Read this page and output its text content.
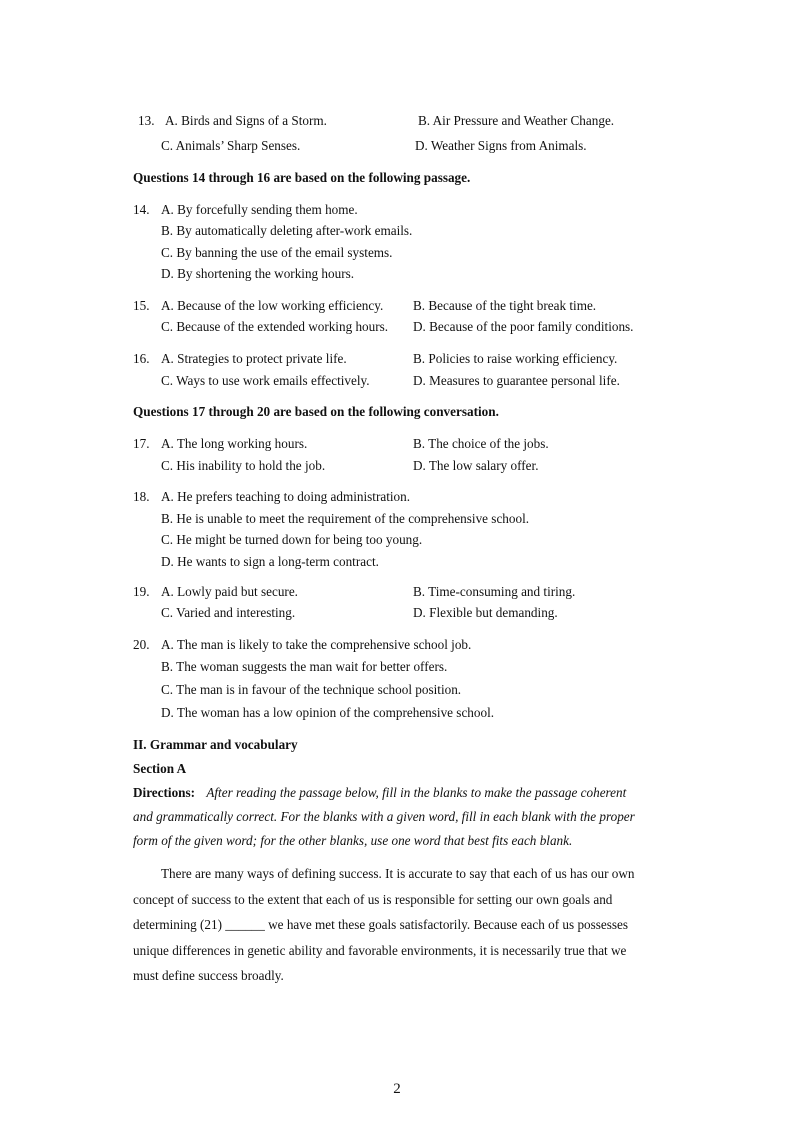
13. A. Birds and Signs of a Storm.	B. Air Pressure and Weather Change.
C. Animals’ Sharp Senses.	D. Weather Signs from Animals.
Questions 14 through 16 are based on the following passage.
14. A. By forcefully sending them home.
B. By automatically deleting after-work emails.
C. By banning the use of the email systems.
D. By shortening the working hours.
15. A. Because of the low working efficiency. B. Because of the tight break time.
C. Because of the extended working hours. D. Because of the poor family conditions.
16. A. Strategies to protect private life.	B. Policies to raise working efficiency.
C. Ways to use work emails effectively.	D. Measures to guarantee personal life.
Questions 17 through 20 are based on the following conversation.
17. A. The long working hours.	B. The choice of the jobs.
C. His inability to hold the job.	D. The low salary offer.
18. A. He prefers teaching to doing administration.
B. He is unable to meet the requirement of the comprehensive school.
C. He might be turned down for being too young.
D. He wants to sign a long-term contract.
19. A. Lowly paid but secure.	B. Time-consuming and tiring.
C. Varied and interesting.	D. Flexible but demanding.
20. A. The man is likely to take the comprehensive school job.
B. The woman suggests the man wait for better offers.
C. The man is in favour of the technique school position.
D. The woman has a low opinion of the comprehensive school.
II. Grammar and vocabulary
Section A
Directions: After reading the passage below, fill in the blanks to make the passage coherent
and grammatically correct. For the blanks with a given word, fill in each blank with the proper
form of the given word; for the other blanks, use one word that best fits each blank.
There are many ways of defining success. It is accurate to say that each of us has our own
concept of success to the extent that each of us is responsible for setting our own goals and
determining (21) ______ we have met these goals satisfactorily. Because each of us possesses
unique differences in genetic ability and favorable environments, it is necessarily true that we
must define success broadly.
2
